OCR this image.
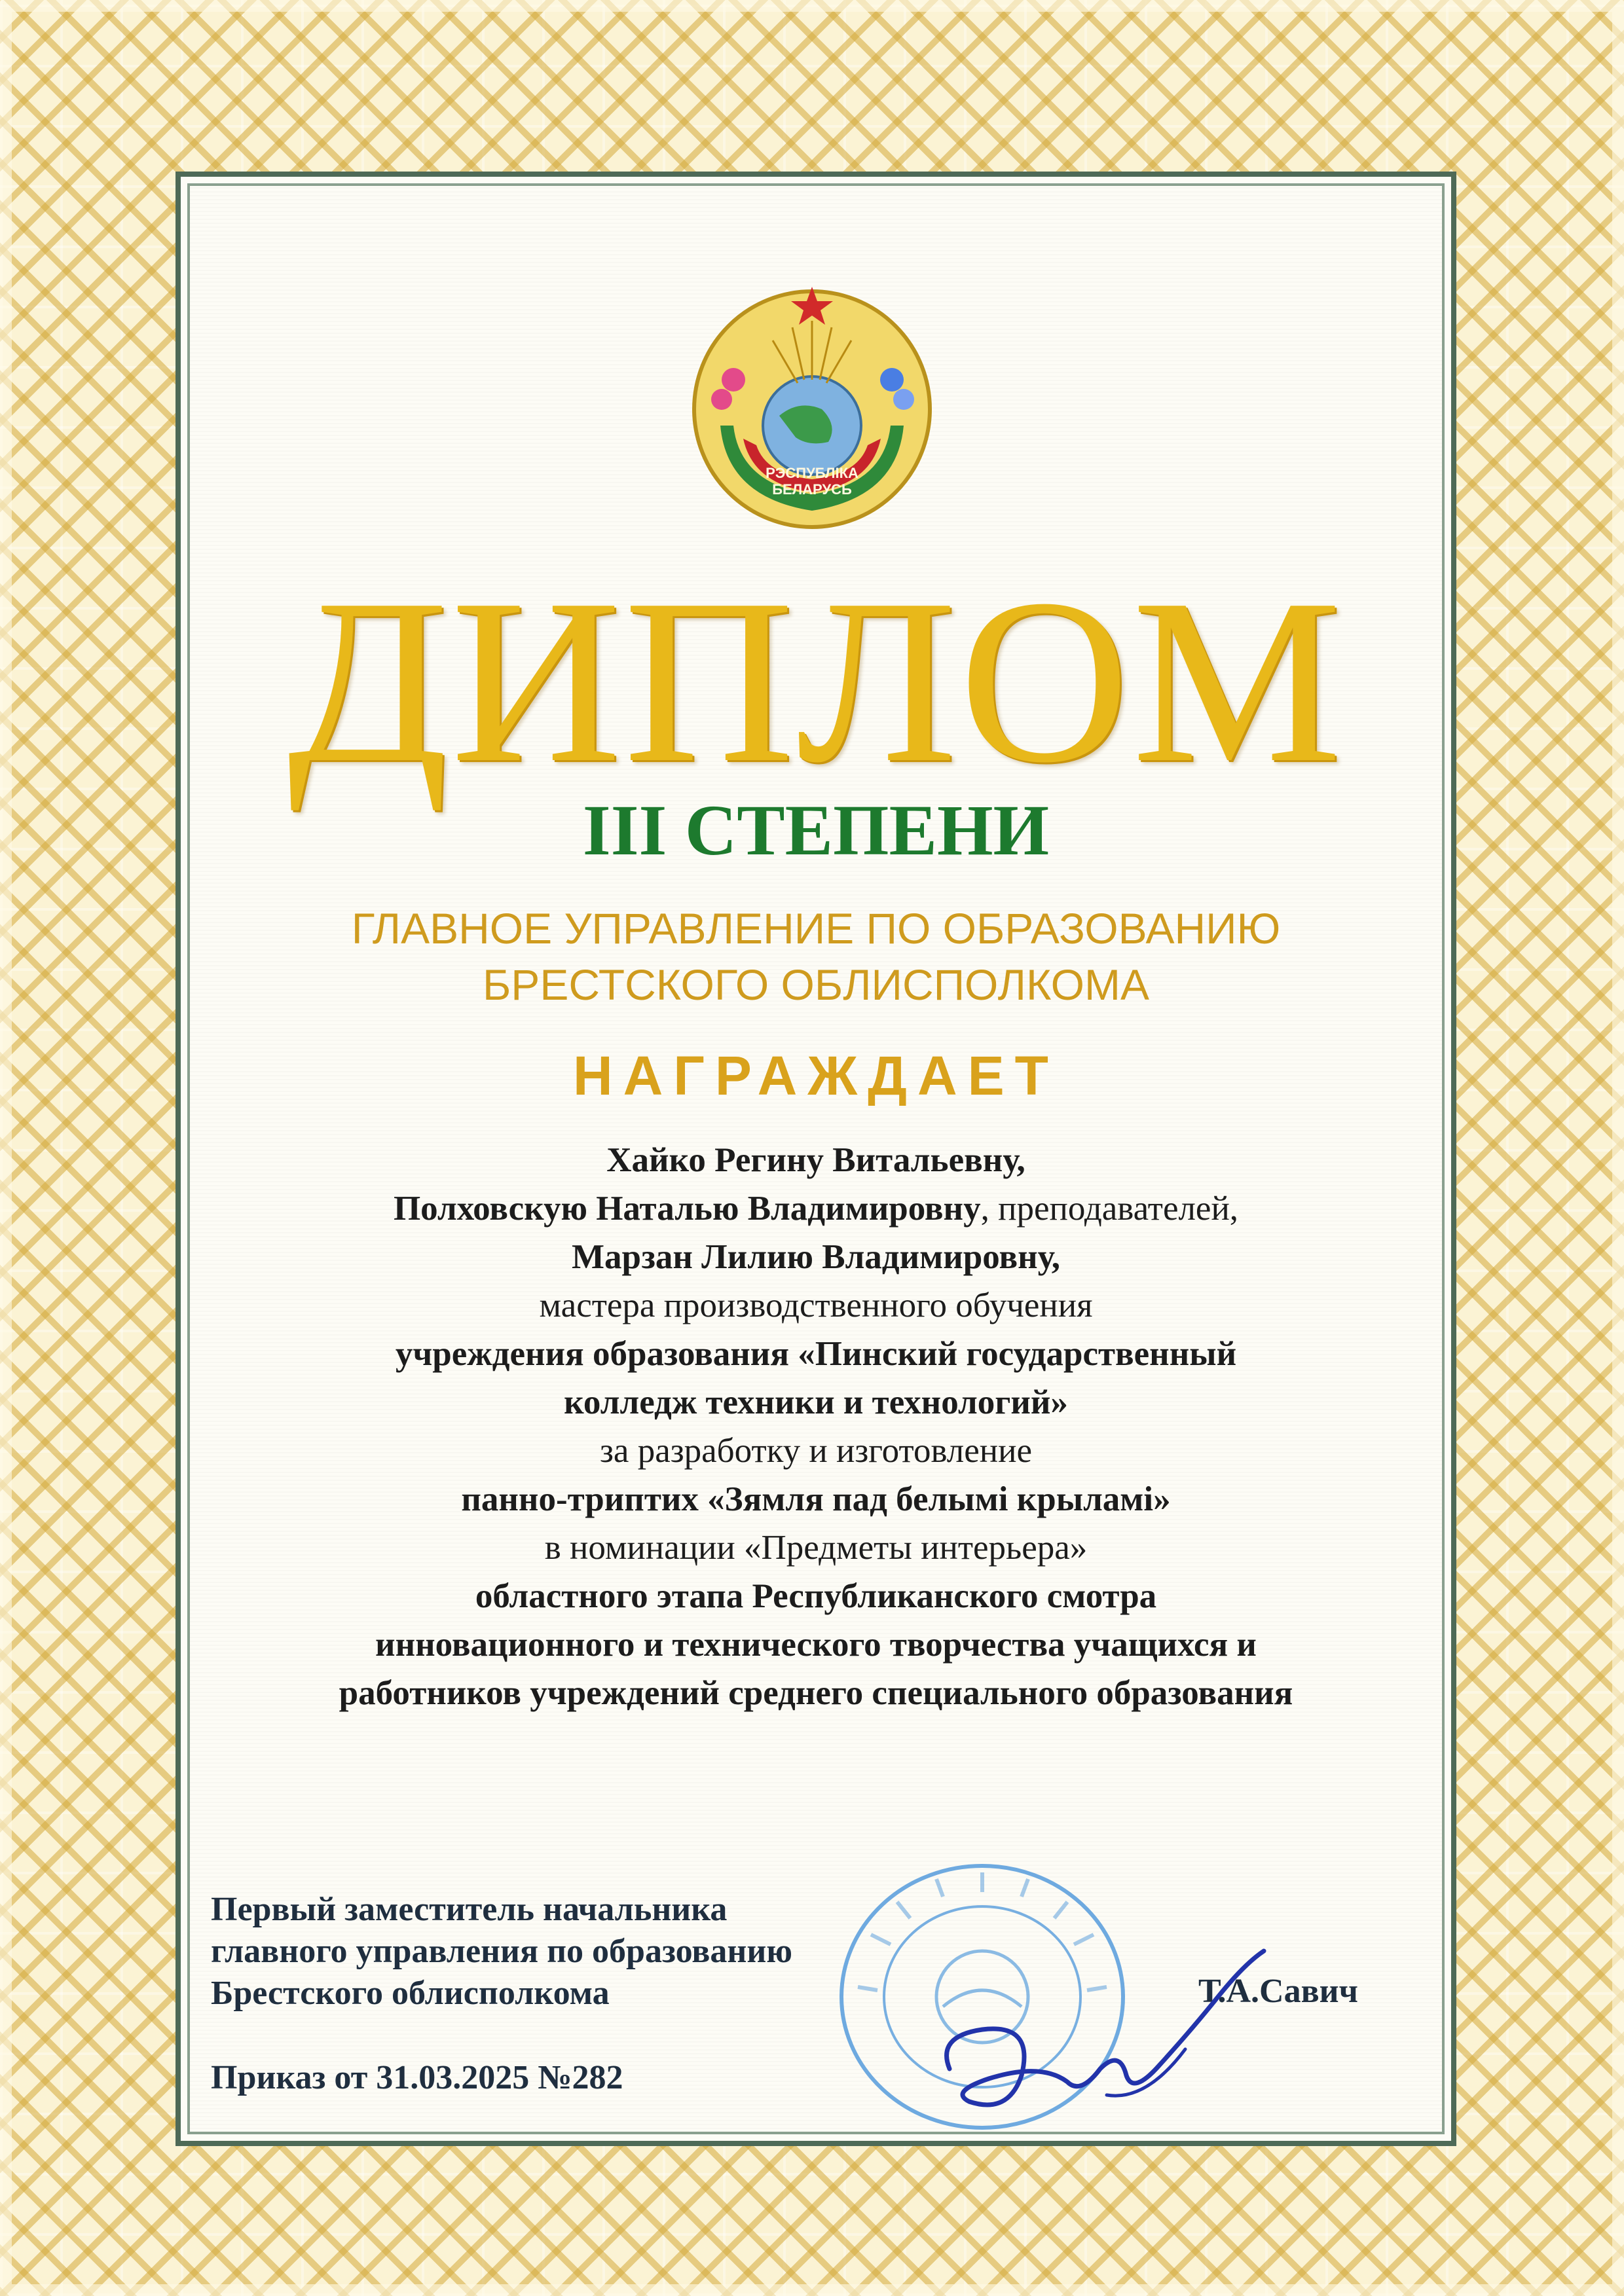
РЭСПУБЛІКА
БЕЛАРУСЬ
ДИПЛОМ
III СТЕПЕНИ
ГЛАВНОЕ УПРАВЛЕНИЕ ПО ОБРАЗОВАНИЮ
БРЕСТСКОГО ОБЛИСПОЛКОМА
НАГРАЖДАЕТ
Хайко Регину Витальевну,
Полховскую Наталью Владимировну, преподавателей,
Марзан Лилию Владимировну,
мастера производственного обучения
учреждения образования «Пинский государственный
колледж техники и технологий»
за разработку и изготовление
панно-триптих «Зямля пад белымі крыламі»
в номинации «Предметы интерьера»
областного этапа Республиканского смотра
инновационного и технического творчества учащихся и
работников учреждений среднего специального образования
Первый заместитель начальника
главного управления по образованию
Брестского облисполкома	Т.А.Савич
Приказ от 31.03.2025 №282
